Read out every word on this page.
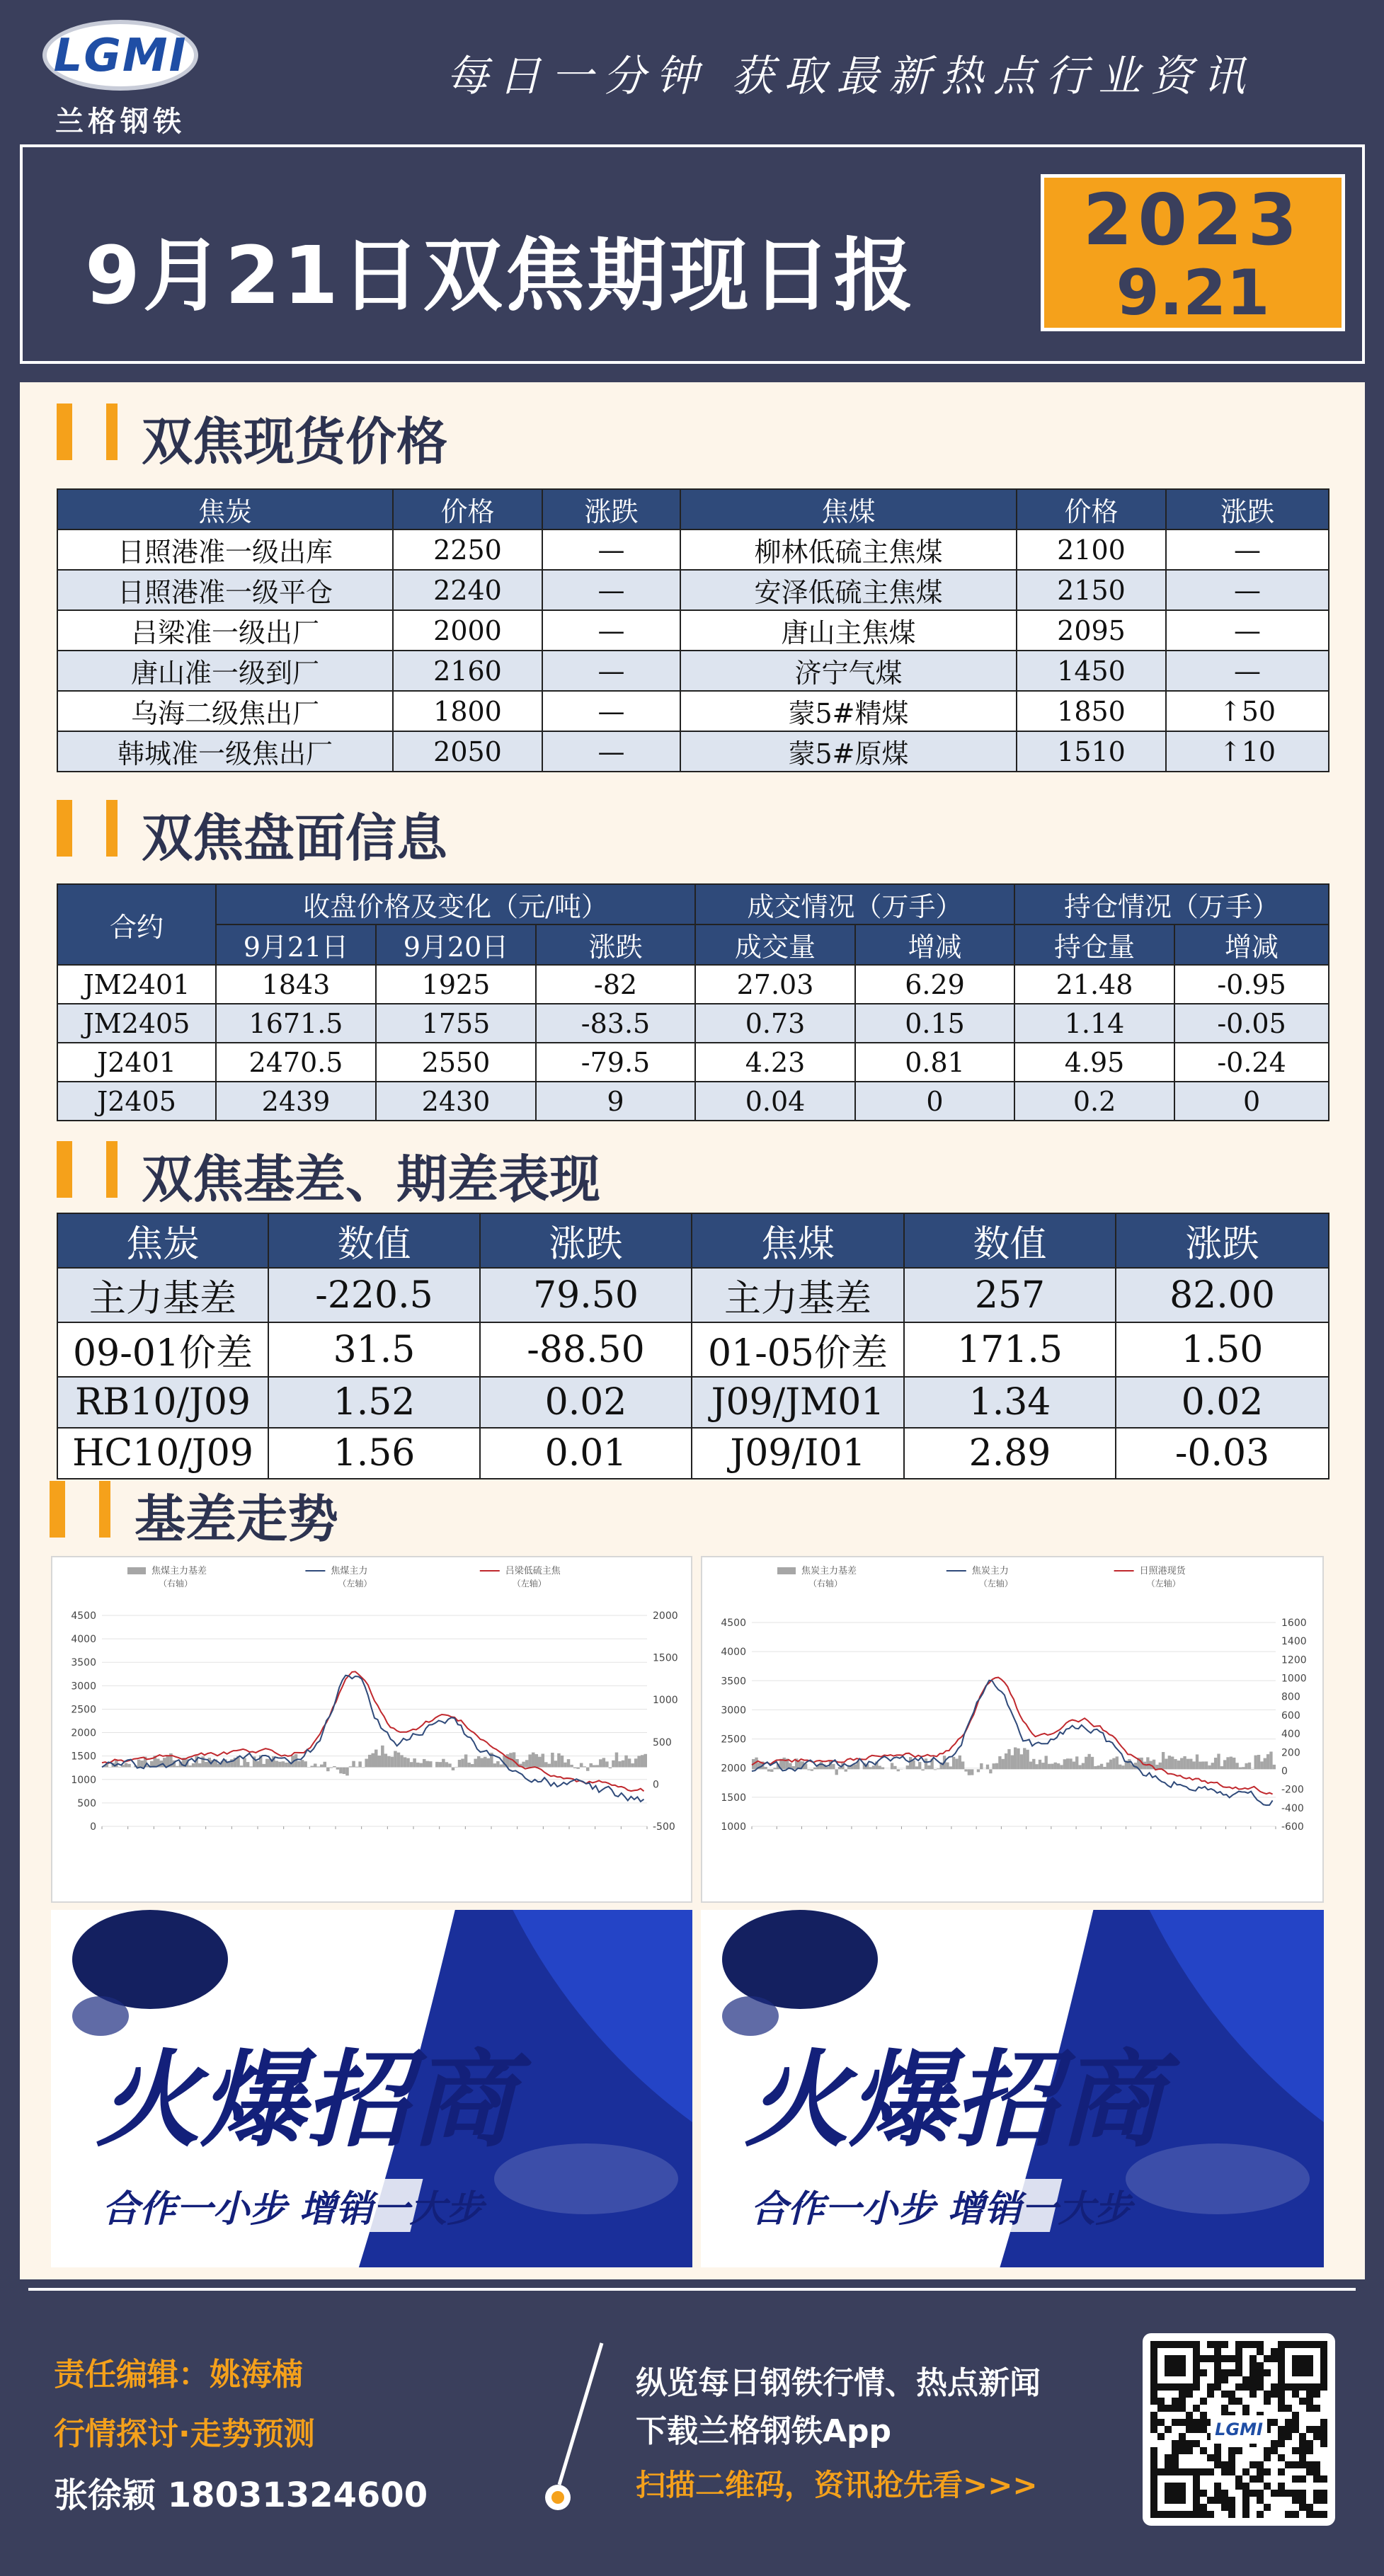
LGMI
兰格钢铁
每日一分钟 获取最新热点行业资讯
9月21日双焦期现日报
2023
9.21
双焦现货价格
焦炭	价格	涨跌	焦煤	价格	涨跌
日照港准一级出库	2250	—	柳林低硫主焦煤	2100	—
日照港准一级平仓	2240	—	安泽低硫主焦煤	2150	—
吕梁准一级出厂	2000	—	唐山主焦煤	2095	—
唐山准一级到厂	2160	—	济宁气煤	1450	—
乌海二级焦出厂	1800	—	蒙5#精煤	1850	↑50
韩城准一级焦出厂	2050	—	蒙5#原煤	1510	↑10
双焦盘面信息
合约	收盘价格及变化（元/吨）			成交情况（万手）		持仓情况（万手）	
	9月21日	9月20日	涨跌	成交量	增减	持仓量	增减
JM2401	1843	1925	-82	27.03	6.29	21.48	-0.95
JM2405	1671.5	1755	-83.5	0.73	0.15	1.14	-0.05
J2401	2470.5	2550	-79.5	4.23	0.81	4.95	-0.24
J2405	2439	2430	9	0.04	0	0.2	0
双焦基差、期差表现
焦炭	数值	涨跌	焦煤	数值	涨跌
主力基差	-220.5	79.50	主力基差	257	82.00
09-01价差	31.5	-88.50	01-05价差	171.5	1.50
RB10/J09	1.52	0.02	J09/JM01	1.34	0.02
HC10/J09	1.56	0.01	J09/I01	2.89	-0.03
基差走势
焦煤主力基差
（右轴）
焦煤主力
（左轴）
吕梁低硫主焦
（左轴）
4500
4000
3500
3000
2500
2000
1500
1000
500
0
2000
1500
1000
500
0
-500
焦炭主力基差
（右轴）
焦炭主力
（左轴）
日照港现货
（左轴）
4500
4000
3500
3000
2500
2000
1500
1000
1600
1400
1200
1000
800
600
400
200
0
-200
-400
-600
火爆招商
合作一小步 增销一大步
火爆招商
合作一小步 增销一大步
责任编辑：姚海楠
行情探讨·走势预测
张徐颖 18031324600
纵览每日钢铁行情、热点新闻
下载兰格钢铁App
扫描二维码，资讯抢先看>>>
LGMI
